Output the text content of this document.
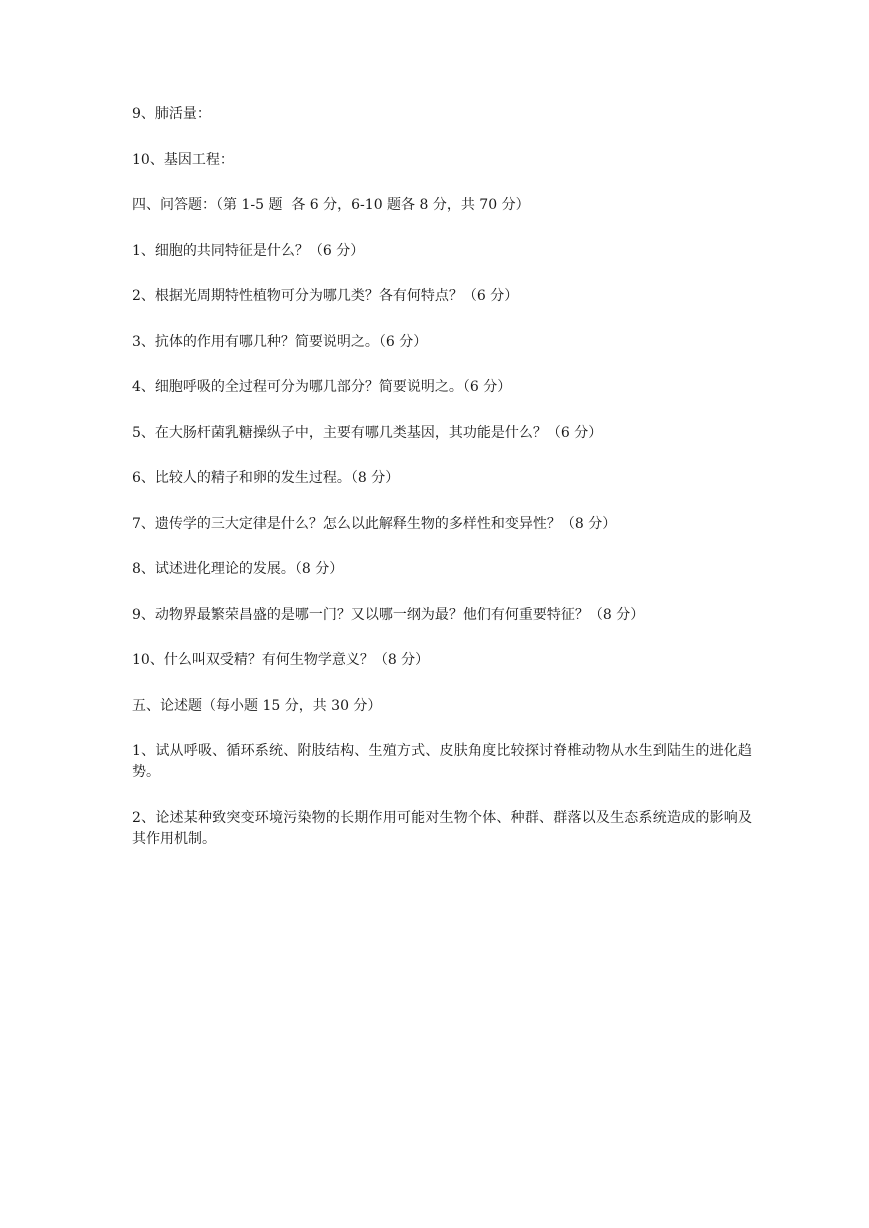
9、肺活量：

10、基因工程：

四、问答题：（第 1-5 题  各 6 分，6-10 题各 8 分，共 70 分）

1、细胞的共同特征是什么？（6 分）

2、根据光周期特性植物可分为哪几类？各有何特点？（6 分）

3、抗体的作用有哪几种？简要说明之。（6 分）

4、细胞呼吸的全过程可分为哪几部分？简要说明之。（6 分）

5、在大肠杆菌乳糖操纵子中，主要有哪几类基因，其功能是什么？（6 分）

6、比较人的精子和卵的发生过程。（8 分）

7、遗传学的三大定律是什么？怎么以此解释生物的多样性和变异性？（8 分）

8、试述进化理论的发展。（8 分）

9、动物界最繁荣昌盛的是哪一门？又以哪一纲为最？他们有何重要特征？（8 分）

10、什么叫双受精？有何生物学意义？（8 分）

五、论述题（每小题 15 分，共 30 分）

1、试从呼吸、循环系统、附肢结构、生殖方式、皮肤角度比较探讨脊椎动物从水生到陆生的进化趋势。

2、论述某种致突变环境污染物的长期作用可能对生物个体、种群、群落以及生态系统造成的影响及其作用机制。
